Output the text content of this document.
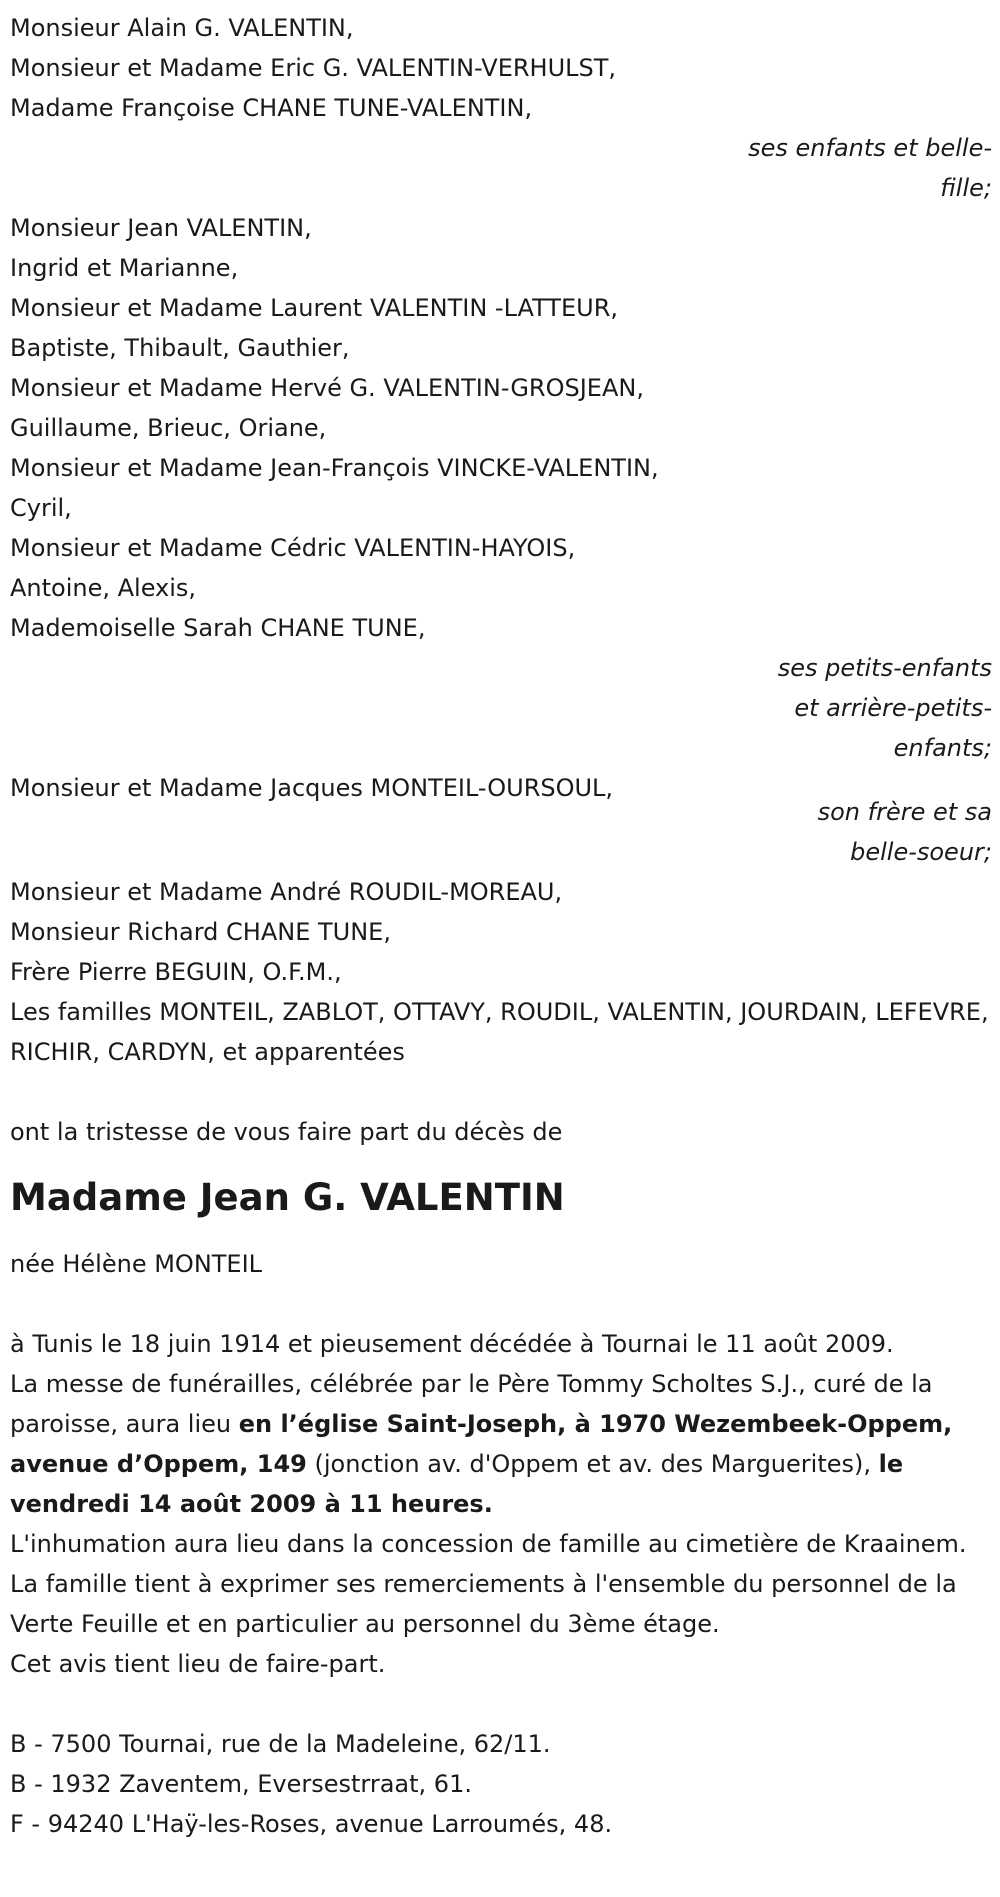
Monsieur Alain G. VALENTIN,
Monsieur et Madame Eric G. VALENTIN-VERHULST,
Madame Françoise CHANE TUNE-VALENTIN,
ses enfants et belle-fille;
Monsieur Jean VALENTIN,
Ingrid et Marianne,
Monsieur et Madame Laurent VALENTIN -LATTEUR,
Baptiste, Thibault, Gauthier,
Monsieur et Madame Hervé G. VALENTIN-GROSJEAN,
Guillaume, Brieuc, Oriane,
Monsieur et Madame Jean-François VINCKE-VALENTIN,
Cyril,
Monsieur et Madame Cédric VALENTIN-HAYOIS,
Antoine, Alexis,
Mademoiselle Sarah CHANE TUNE,
ses petits-enfants et arrière-petits-enfants;
son frère et sa belle-soeur;
Monsieur et Madame Jacques MONTEIL-OURSOUL,
Monsieur et Madame André ROUDIL-MOREAU,
Monsieur Richard CHANE TUNE,
Frère Pierre BEGUIN, O.F.M.,
Les familles MONTEIL, ZABLOT, OTTAVY, ROUDIL, VALENTIN, JOURDAIN, LEFEVRE, RICHIR, CARDYN, et apparentées
ont la tristesse de vous faire part du décès de
Madame Jean G. VALENTIN
née Hélène MONTEIL
à Tunis le 18 juin 1914 et pieusement décédée à Tournai le 11 août 2009.
La messe de funérailles, célébrée par le Père Tommy Scholtes S.J., curé de la paroisse, aura lieu en l’église Saint-Joseph, à 1970 Wezembeek-Oppem, avenue d’Oppem, 149 (jonction av. d'Oppem et av. des Marguerites), le vendredi 14 août 2009 à 11 heures.
L'inhumation aura lieu dans la concession de famille au cimetière de Kraainem.
La famille tient à exprimer ses remerciements à l'ensemble du personnel de la Verte Feuille et en particulier au personnel du 3ème étage.
Cet avis tient lieu de faire-part.
B - 7500 Tournai, rue de la Madeleine, 62/11.
B - 1932 Zaventem, Eversestrraat, 61.
F - 94240 L'Haÿ-les-Roses, avenue Larroumés, 48.
